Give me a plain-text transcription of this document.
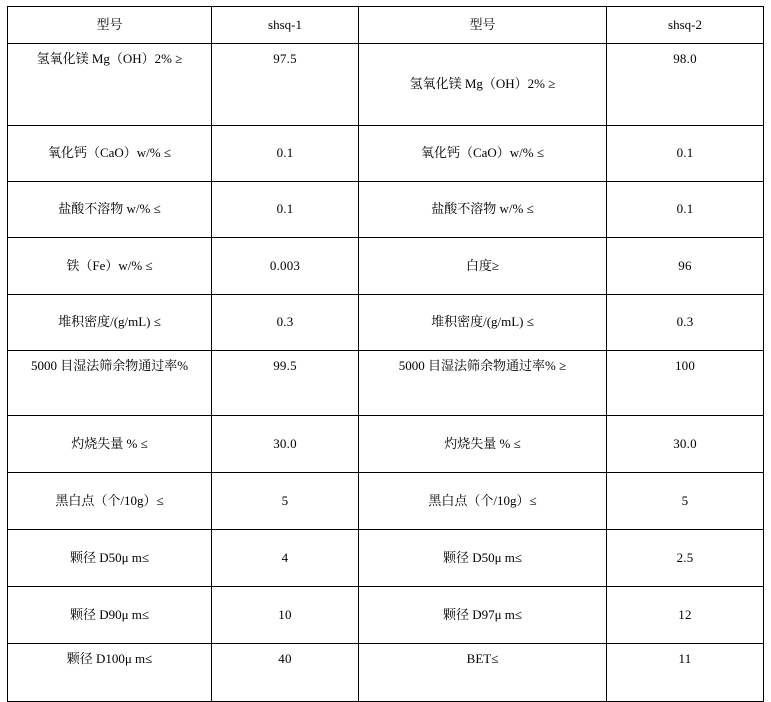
型号	shsq-1	型号	shsq-2
氢氧化镁 Mg（OH）2% ≥	97.5	氢氧化镁 Mg（OH）2% ≥	98.0
氧化钙（CaO）w/% ≤	0.1	氧化钙（CaO）w/% ≤	0.1
盐酸不溶物 w/% ≤	0.1	盐酸不溶物 w/% ≤	0.1
铁（Fe）w/% ≤	0.003	白度≥	96
堆积密度/(g/mL) ≤	0.3	堆积密度/(g/mL) ≤	0.3
5000 目湿法筛余物通过率%	99.5	5000 目湿法筛余物通过率% ≥	100
灼烧失量 % ≤	30.0	灼烧失量 % ≤	30.0
黑白点（个/10g）≤	5	黑白点（个/10g）≤	5
颗径 D50μ m≤	4	颗径 D50μ m≤	2.5
颗径 D90μ m≤	10	颗径 D97μ m≤	12
颗径 D100μ m≤	40	BET≤	11
